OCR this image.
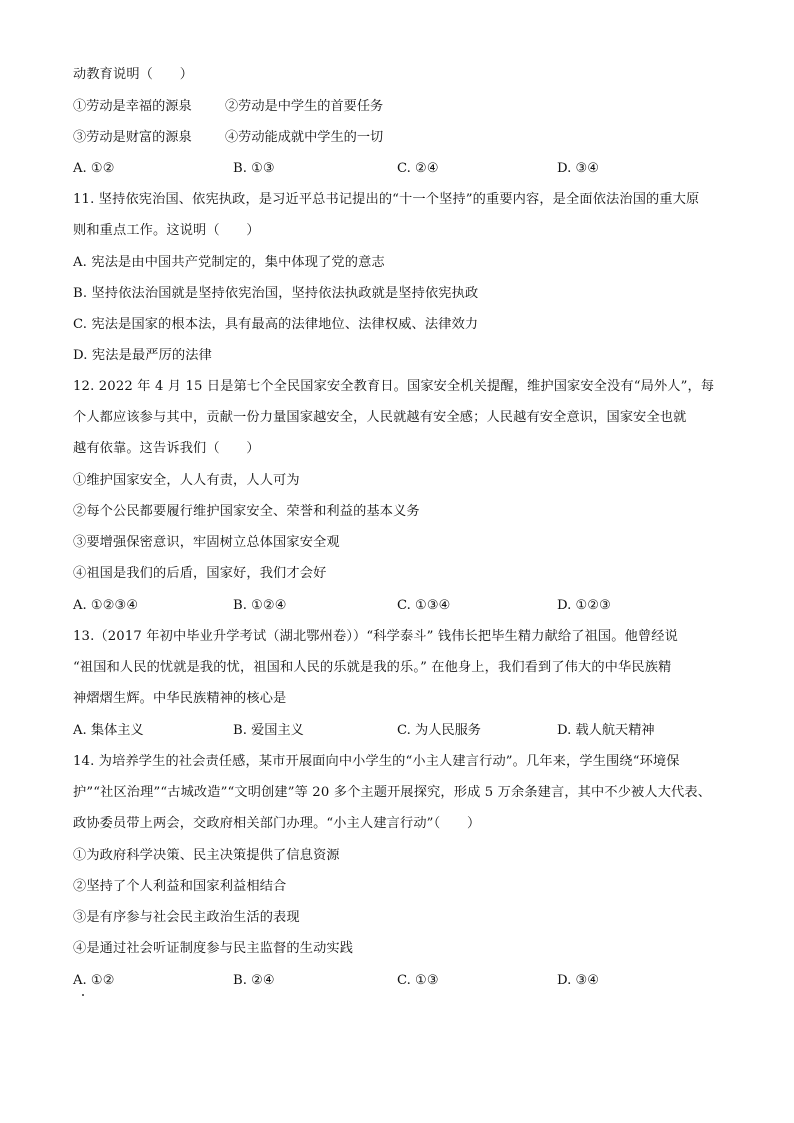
动教育说明（　　）
①劳动是幸福的源泉	②劳动是中学生的首要任务
③劳动是财富的源泉	④劳动能成就中学生的一切
A. ①②	B. ①③	C. ②④	D. ③④
11. 坚持依宪治国、依宪执政，是习近平总书记提出的“十一个坚持”的重要内容，是全面依法治国的重大原
则和重点工作。这说明（　　）
A. 宪法是由中国共产党制定的，集中体现了党的意志
B. 坚持依法治国就是坚持依宪治国，坚持依法执政就是坚持依宪执政
C. 宪法是国家的根本法，具有最高的法律地位、法律权威、法律效力
D. 宪法是最严厉的法律
12. 2022 年 4 月 15 日是第七个全民国家安全教育日。国家安全机关提醒，维护国家安全没有“局外人”，每
个人都应该参与其中，贡献一份力量国家越安全，人民就越有安全感；人民越有安全意识，国家安全也就
越有依靠。这告诉我们（　　）
①维护国家安全，人人有责，人人可为
②每个公民都要履行维护国家安全、荣誉和利益的基本义务
③要增强保密意识，牢固树立总体国家安全观
④祖国是我们的后盾，国家好，我们才会好
A. ①②③④	B. ①②④	C. ①③④	D. ①②③
13.（2017 年初中毕业升学考试（湖北鄂州卷））“科学泰斗” 钱伟长把毕生精力献给了祖国。他曾经说
“祖国和人民的忧就是我的忧，祖国和人民的乐就是我的乐。” 在他身上，我们看到了伟大的中华民族精
神熠熠生辉。中华民族精神的核心是
A. 集体主义	B. 爱国主义	C. 为人民服务	D. 载人航天精神
14. 为培养学生的社会责任感，某市开展面向中小学生的“小主人建言行动”。几年来，学生围绕“环境保
护”“社区治理”“古城改造”“文明创建”等 20 多个主题开展探究，形成 5 万余条建言，其中不少被人大代表、
政协委员带上两会，交政府相关部门办理。“小主人建言行动”（　　）
①为政府科学决策、民主决策提供了信息资源
②坚持了个人利益和国家利益相结合
③是有序参与社会民主政治生活的表现
④是通过社会听证制度参与民主监督的生动实践
A. ①②	B. ②④	C. ①③	D. ③④
